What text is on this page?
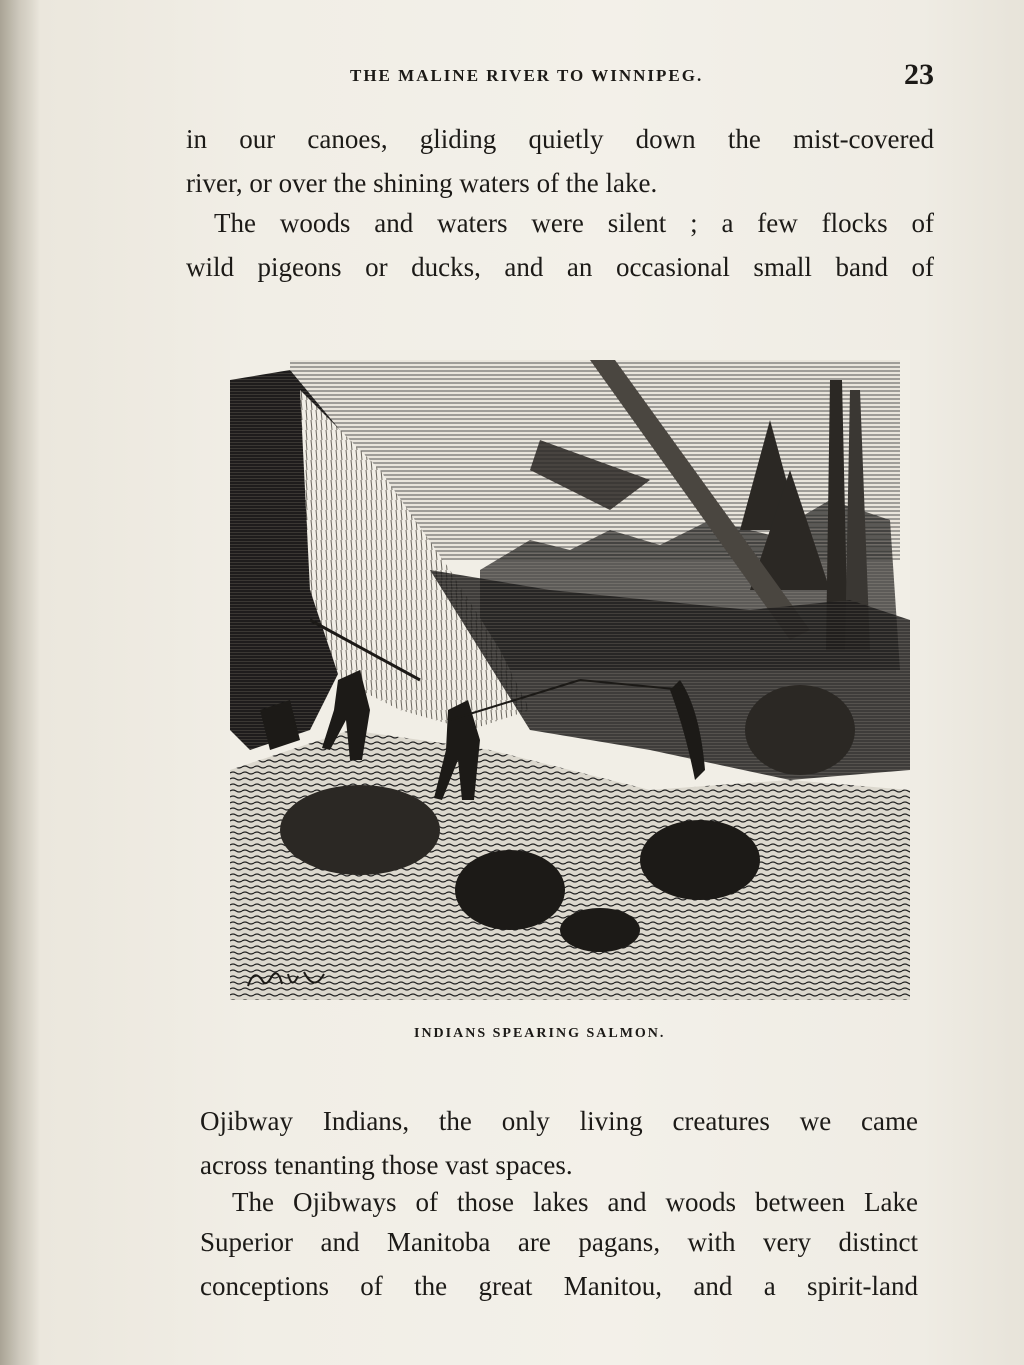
THE MALINE RIVER TO WINNIPEG.	23
in our canoes, gliding quietly down the mist-covered
river, or over the shining waters of the lake.
The woods and waters were silent ; a few flocks of
wild pigeons or ducks, and an occasional small band of
INDIANS SPEARING SALMON.
Ojibway Indians, the only living creatures we came
across tenanting those vast spaces.
The Ojibways of those lakes and woods between Lake
Superior and Manitoba are pagans, with very distinct
conceptions of the great Manitou, and a spirit-land
